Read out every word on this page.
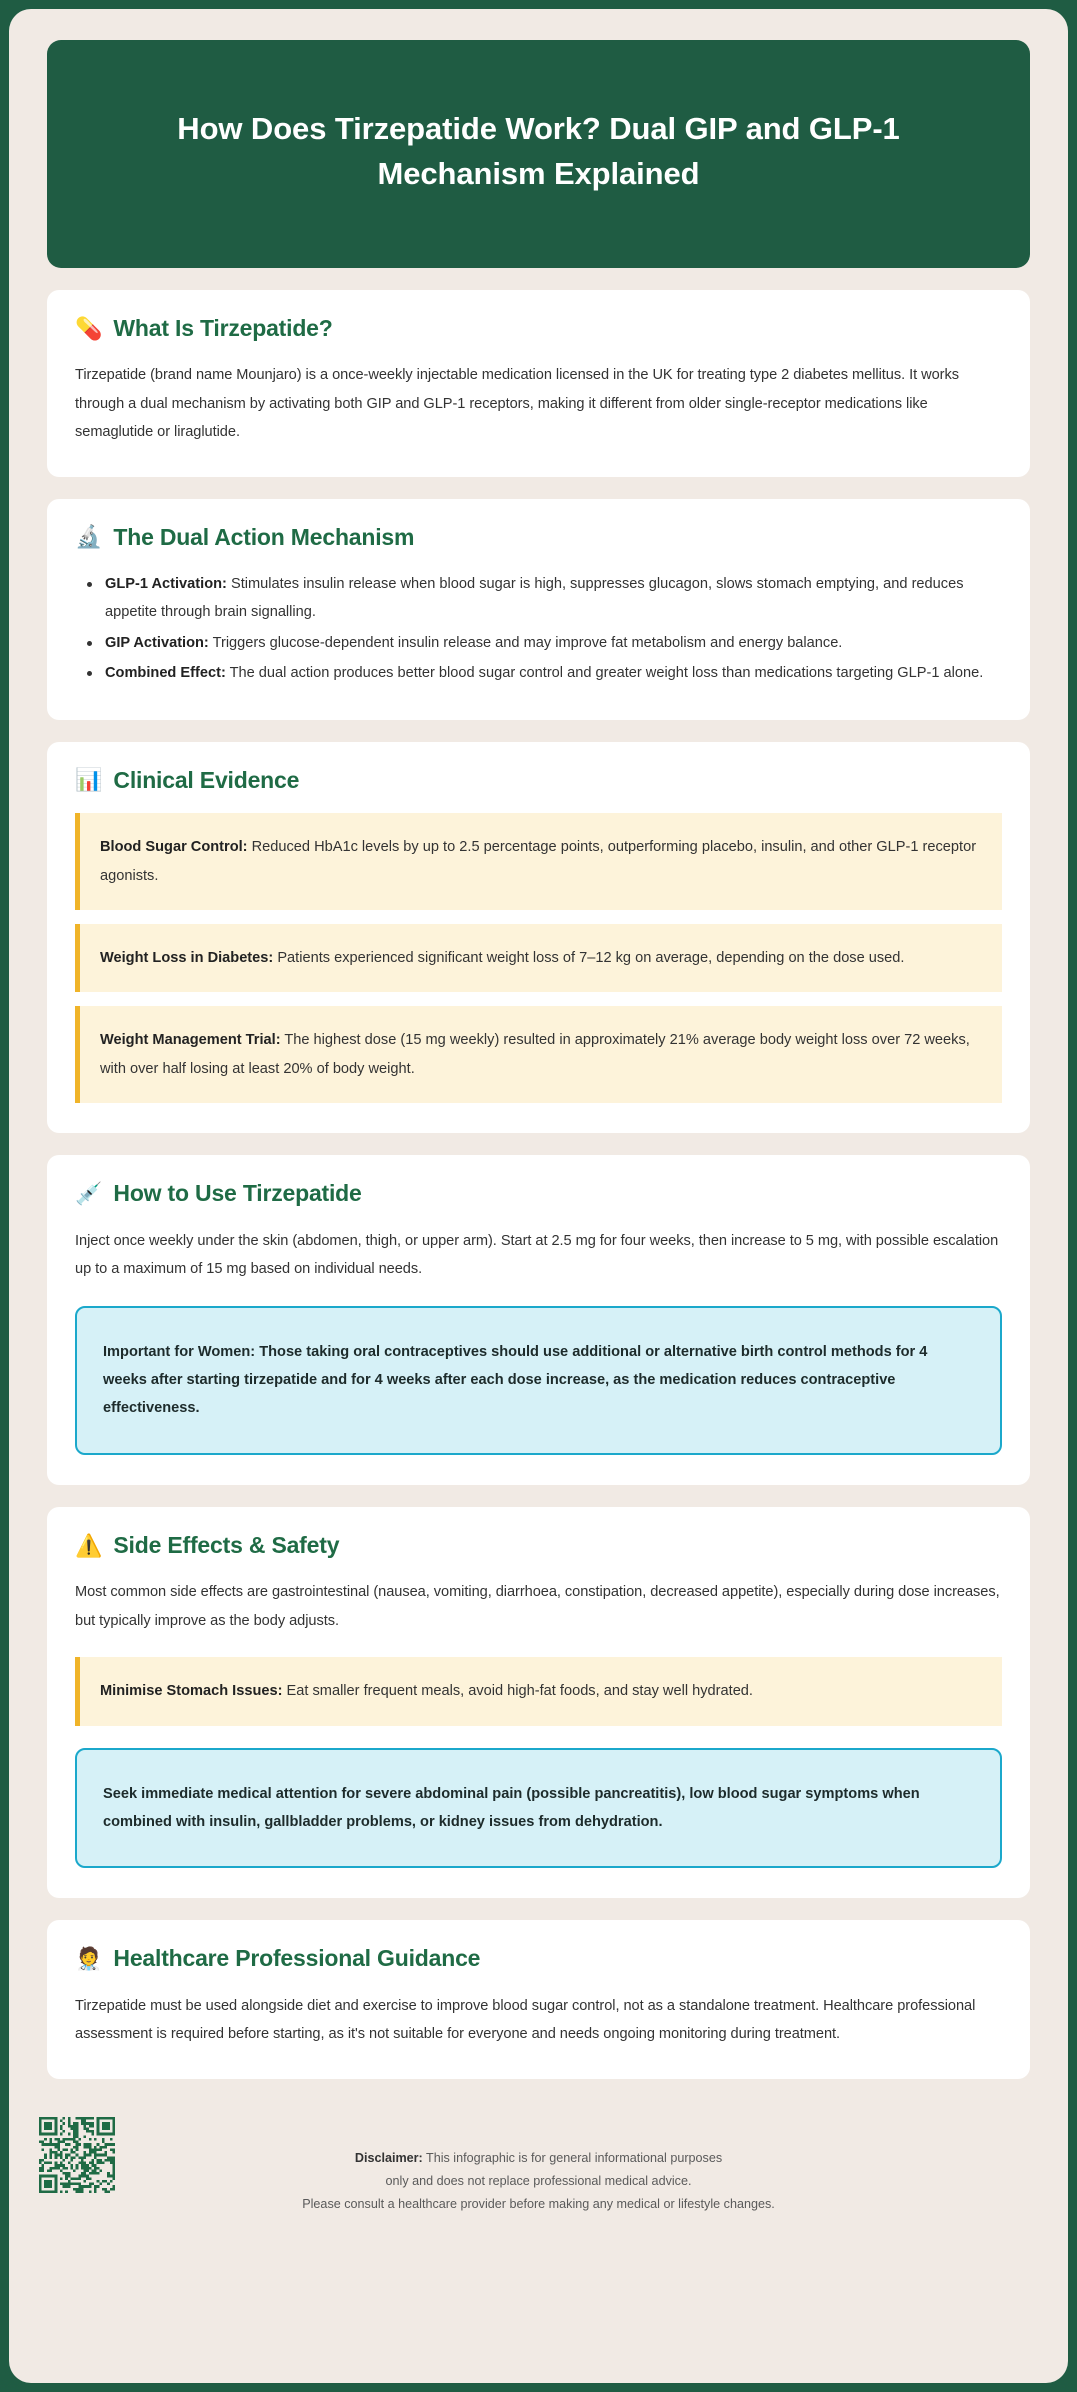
How Does Tirzepatide Work? Dual GIP and GLP-1 Mechanism Explained
💊 What Is Tirzepatide?

Tirzepatide (brand name Mounjaro) is a once-weekly injectable medication licensed in the UK for treating type 2 diabetes mellitus. It works through a dual mechanism by activating both GIP and GLP-1 receptors, making it different from older single-receptor medications like semaglutide or liraglutide.

🔬 The Dual Action Mechanism
GLP-1 Activation: Stimulates insulin release when blood sugar is high, suppresses glucagon, slows stomach emptying, and reduces appetite through brain signalling.
GIP Activation: Triggers glucose-dependent insulin release and may improve fat metabolism and energy balance.
Combined Effect: The dual action produces better blood sugar control and greater weight loss than medications targeting GLP-1 alone.
📊 Clinical Evidence
Blood Sugar Control: Reduced HbA1c levels by up to 2.5 percentage points, outperforming placebo, insulin, and other GLP-1 receptor agonists.
Weight Loss in Diabetes: Patients experienced significant weight loss of 7–12 kg on average, depending on the dose used.
Weight Management Trial: The highest dose (15 mg weekly) resulted in approximately 21% average body weight loss over 72 weeks, with over half losing at least 20% of body weight.
💉 How to Use Tirzepatide

Inject once weekly under the skin (abdomen, thigh, or upper arm). Start at 2.5 mg for four weeks, then increase to 5 mg, with possible escalation up to a maximum of 15 mg based on individual needs.

Important for Women: Those taking oral contraceptives should use additional or alternative birth control methods for 4 weeks after starting tirzepatide and for 4 weeks after each dose increase, as the medication reduces contraceptive effectiveness.
⚠️ Side Effects & Safety

Most common side effects are gastrointestinal (nausea, vomiting, diarrhoea, constipation, decreased appetite), especially during dose increases, but typically improve as the body adjusts.

Minimise Stomach Issues: Eat smaller frequent meals, avoid high-fat foods, and stay well hydrated.
Seek immediate medical attention for severe abdominal pain (possible pancreatitis), low blood sugar symptoms when combined with insulin, gallbladder problems, or kidney issues from dehydration.
🧑‍⚕️ Healthcare Professional Guidance

Tirzepatide must be used alongside diet and exercise to improve blood sugar control, not as a standalone treatment. Healthcare professional assessment is required before starting, as it's not suitable for everyone and needs ongoing monitoring during treatment.

Disclaimer: This infographic is for general informational purposes
only and does not replace professional medical advice.
Please consult a healthcare provider before making any medical or lifestyle changes.
